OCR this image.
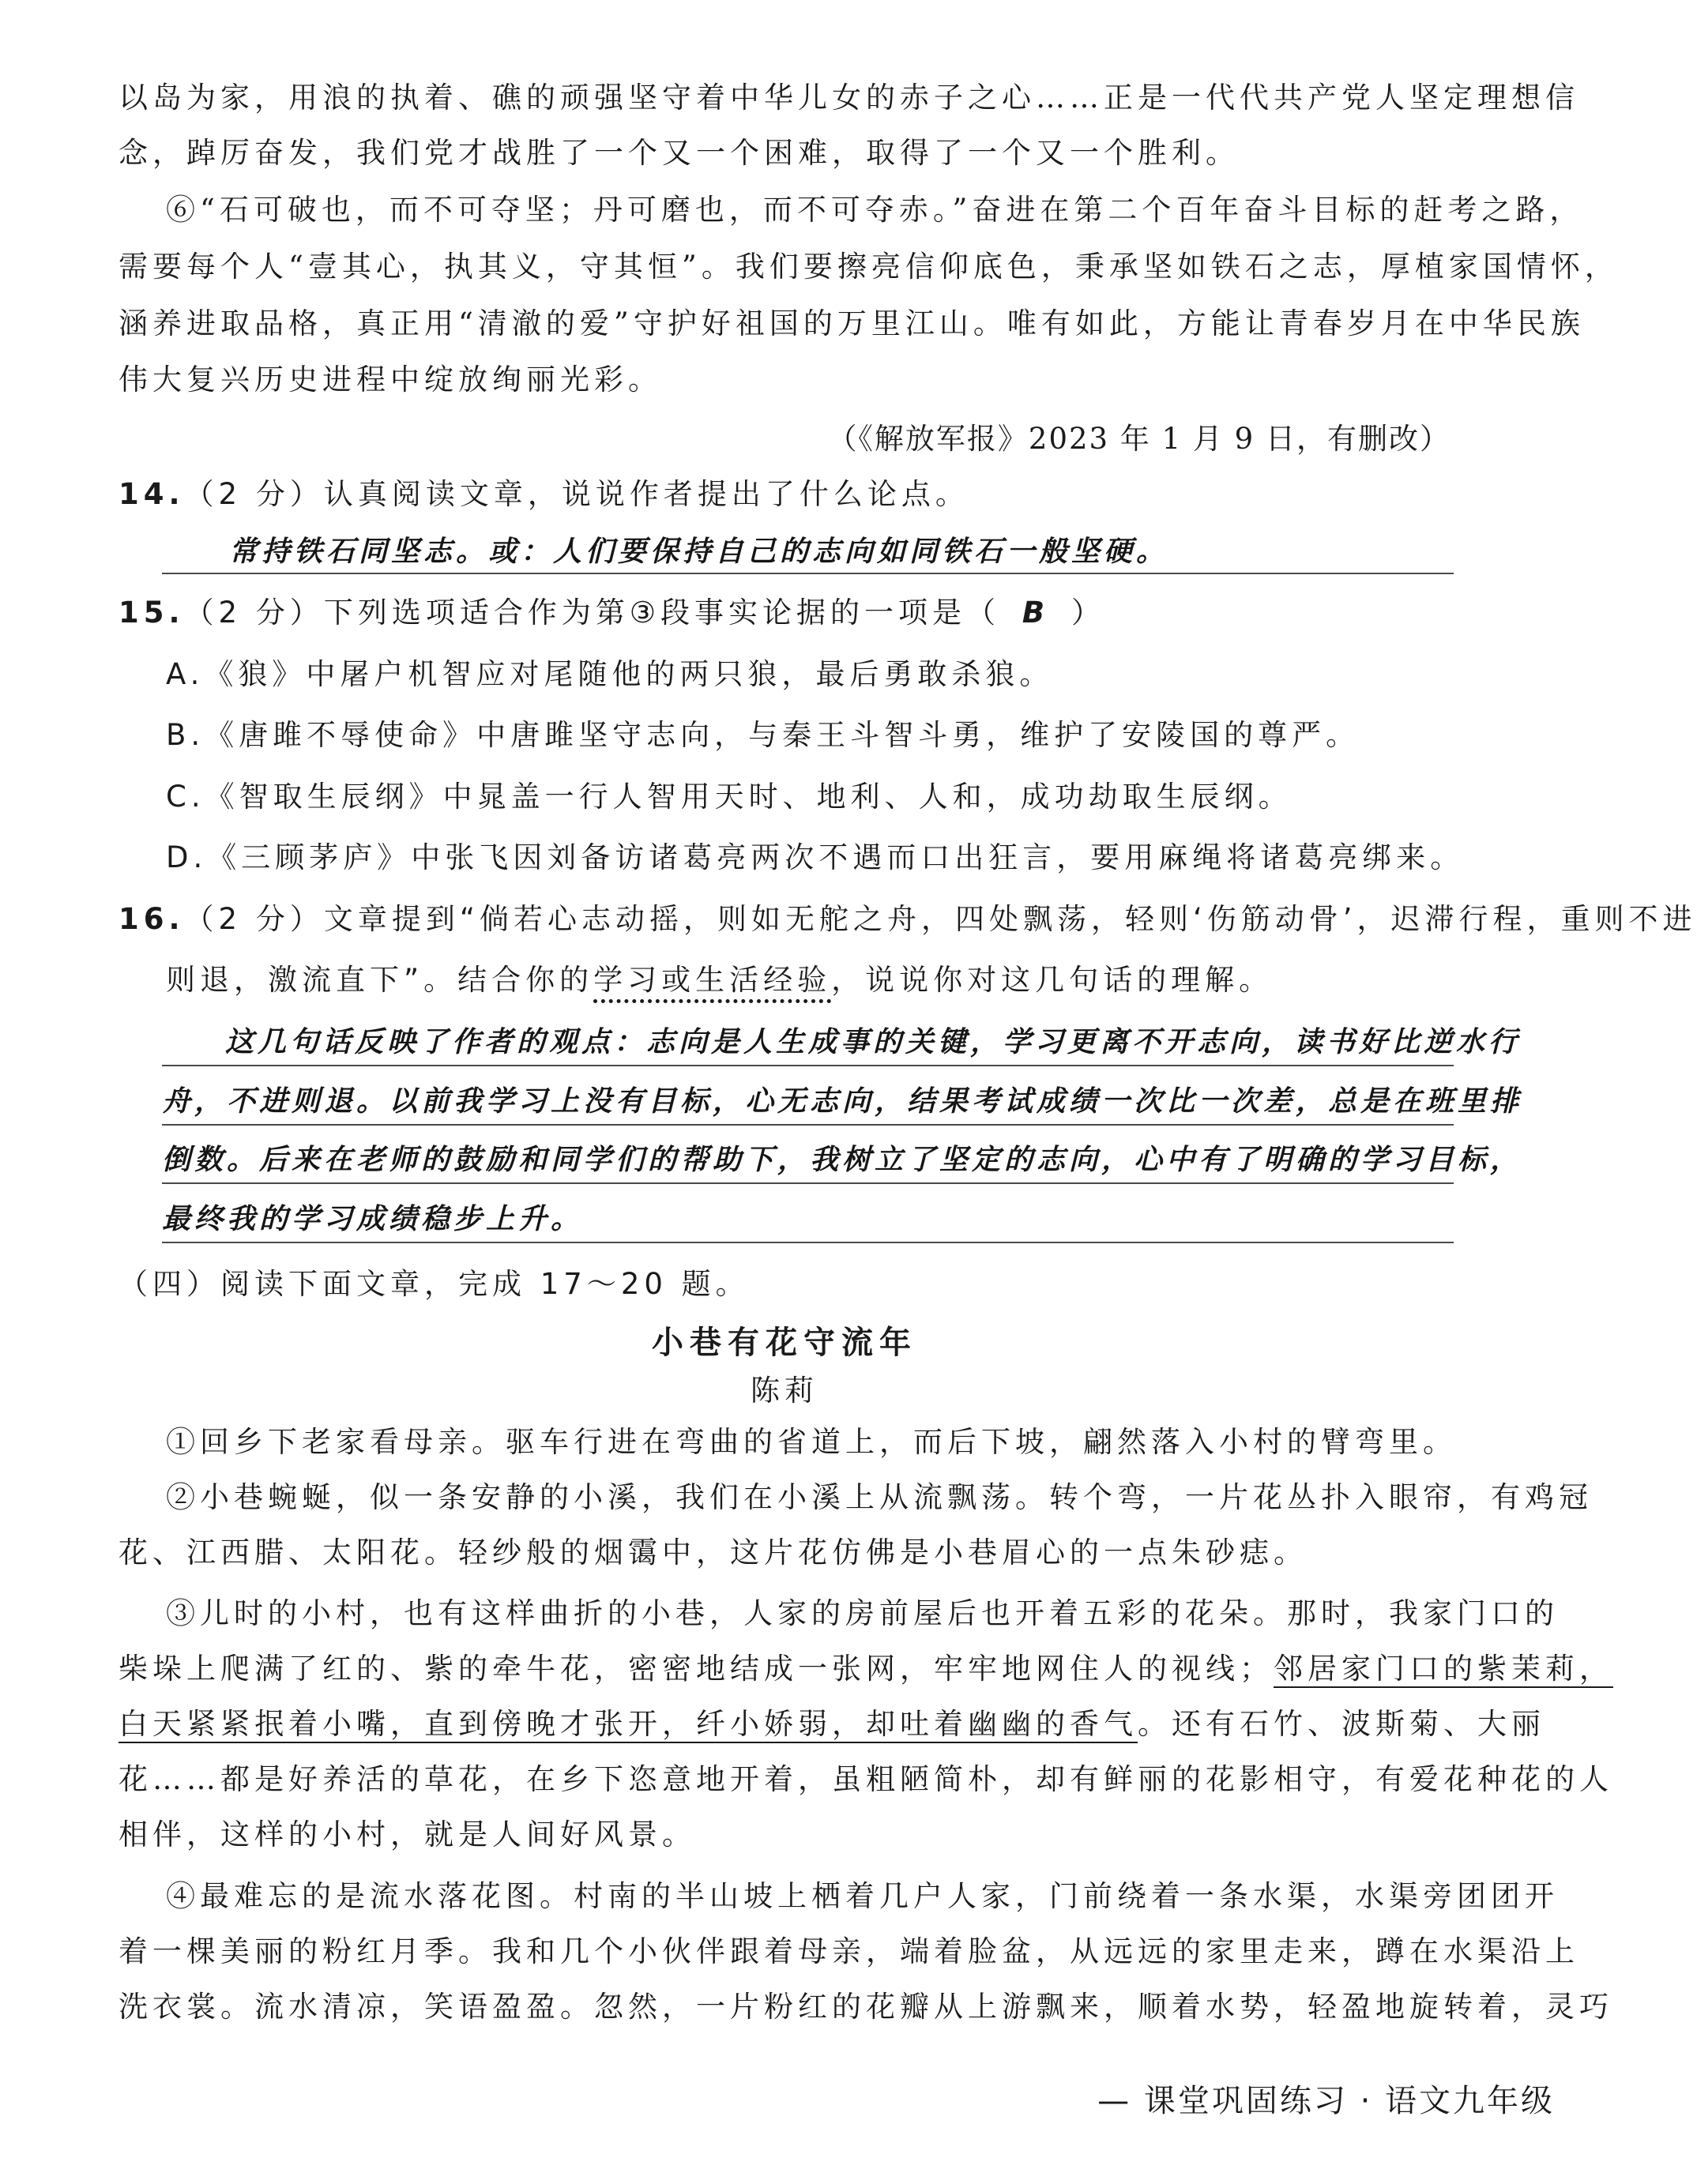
以岛为家，用浪的执着、礁的顽强坚守着中华儿女的赤子之心……正是一代代共产党人坚定理想信
念，踔厉奋发，我们党才战胜了一个又一个困难，取得了一个又一个胜利。
⑥“石可破也，而不可夺坚；丹可磨也，而不可夺赤。”奋进在第二个百年奋斗目标的赶考之路，
需要每个人“壹其心，执其义，守其恒”。我们要擦亮信仰底色，秉承坚如铁石之志，厚植家国情怀，
涵养进取品格，真正用“清澈的爱”守护好祖国的万里江山。唯有如此，方能让青春岁月在中华民族
伟大复兴历史进程中绽放绚丽光彩。
（《解放军报》2023 年 1 月 9 日，有删改）
14.（2 分）认真阅读文章，说说作者提出了什么论点。
常持铁石同坚志。或：人们要保持自己的志向如同铁石一般坚硬。
15.（2 分）下列选项适合作为第③段事实论据的一项是（ B ）
A.《狼》中屠户机智应对尾随他的两只狼，最后勇敢杀狼。
B.《唐雎不辱使命》中唐雎坚守志向，与秦王斗智斗勇，维护了安陵国的尊严。
C.《智取生辰纲》中晁盖一行人智用天时、地利、人和，成功劫取生辰纲。
D.《三顾茅庐》中张飞因刘备访诸葛亮两次不遇而口出狂言，要用麻绳将诸葛亮绑来。
16.（2 分）文章提到“倘若心志动摇，则如无舵之舟，四处飘荡，轻则‘伤筋动骨’，迟滞行程，重则不进
则退，激流直下”。结合你的学习或生活经验，说说你对这几句话的理解。
这几句话反映了作者的观点：志向是人生成事的关键，学习更离不开志向，读书好比逆水行
舟，不进则退。以前我学习上没有目标，心无志向，结果考试成绩一次比一次差，总是在班里排
倒数。后来在老师的鼓励和同学们的帮助下，我树立了坚定的志向，心中有了明确的学习目标，
最终我的学习成绩稳步上升。
（四）阅读下面文章，完成 17～20 题。
小巷有花守流年
陈莉
①回乡下老家看母亲。驱车行进在弯曲的省道上，而后下坡，翩然落入小村的臂弯里。
②小巷蜿蜒，似一条安静的小溪，我们在小溪上从流飘荡。转个弯，一片花丛扑入眼帘，有鸡冠
花、江西腊、太阳花。轻纱般的烟霭中，这片花仿佛是小巷眉心的一点朱砂痣。
③儿时的小村，也有这样曲折的小巷，人家的房前屋后也开着五彩的花朵。那时，我家门口的
柴垛上爬满了红的、紫的牵牛花，密密地结成一张网，牢牢地网住人的视线；邻居家门口的紫茉莉，
白天紧紧抿着小嘴，直到傍晚才张开，纤小娇弱，却吐着幽幽的香气。还有石竹、波斯菊、大丽
花……都是好养活的草花，在乡下恣意地开着，虽粗陋简朴，却有鲜丽的花影相守，有爱花种花的人
相伴，这样的小村，就是人间好风景。
④最难忘的是流水落花图。村南的半山坡上栖着几户人家，门前绕着一条水渠，水渠旁团团开
着一棵美丽的粉红月季。我和几个小伙伴跟着母亲，端着脸盆，从远远的家里走来，蹲在水渠沿上
洗衣裳。流水清凉，笑语盈盈。忽然，一片粉红的花瓣从上游飘来，顺着水势，轻盈地旋转着，灵巧
— 课堂巩固练习 · 语文九年级
